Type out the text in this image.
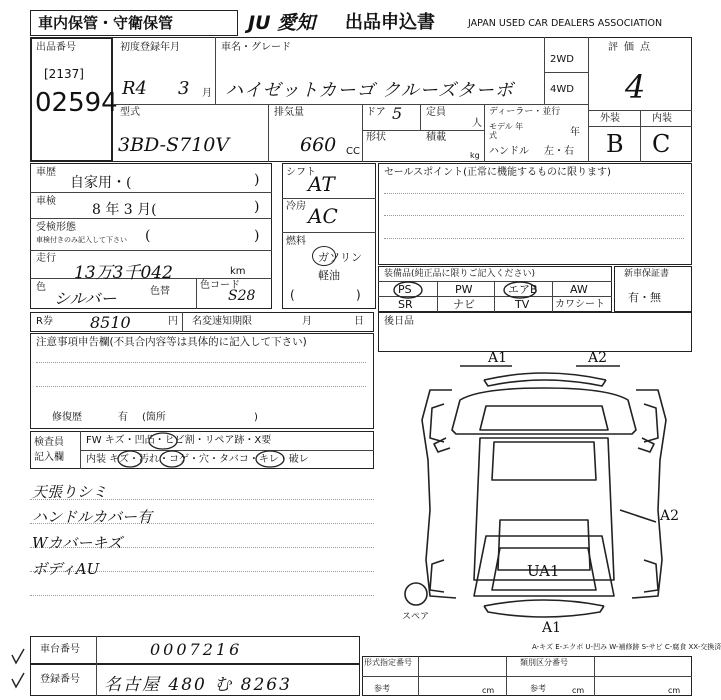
車内保管・守衛保管	JU 愛知 出品申込書	JAPAN USED CAR DEALERS ASSOCIATION
出品番号
[2137]
02594
初度登録年月
R4 3 月
車名・グレード
ハイゼットカーゴ クルーズターボ
2WD
4WD
評価点
4
外装	内装
B C
型式
3BD-S710V
排気量
660 CC
ドア 5 定員
人
形状	積載
kg
ディーラー・並行
モデル 年式	年
ハンドル 左・右
車歴
自家用・(	)
車検
8 年 3 月(	)
受検形態
車検付きのみ記入して下さい (	)
走行
13万3千042	km
色
シルバー	色替
色コード
S28
シフト
AT
冷房 AC
燃料
ガソリン
軽油
(	)
セールスポイント(正常に機能するものに限ります)
装備品(純正品に限りご記入ください)
PS	PW	エアB	AW
SR	ナビ	TV	カワシート
新車保証書
有・無
R券 8510	円 名変速知期限	月	日
注意事項申告欄(不具合内容等は具体的に記入して下さい)
修復歴	有 (箇所	)
後日品
検査員
記入欄
FW キズ・凹凸・ヒビ割・リペア跡・X要
内装 キズ・汚れ・コゲ・穴・タバコ・キレ・破レ
天張りシミ
ハンドルカバー有
Wカバーキズ
ボディAU
A1	A2
A2
UA1
A1
スペア
車台番号	0007216
登録番号 名古屋 480 む 8263
A-キズ E-エクボ U-凹み W-補修跡 S-サビ C-腐食 XX-交換済
形式指定番号	類別区分番号
参考	参考
cm	cm	cm
